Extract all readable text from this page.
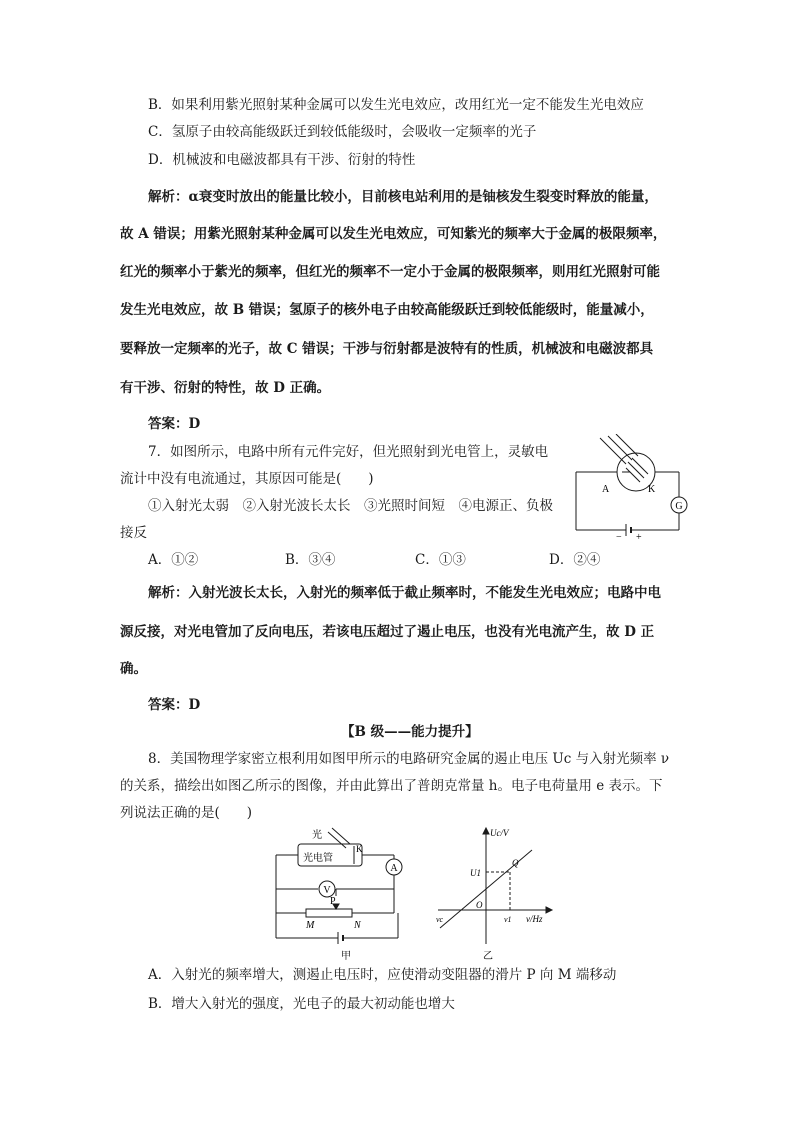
B．如果利用紫光照射某种金属可以发生光电效应，改用红光一定不能发生光电效应
C．氢原子由较高能级跃迁到较低能级时，会吸收一定频率的光子
D．机械波和电磁波都具有干涉、衍射的特性
解析：α衰变时放出的能量比较小，目前核电站利用的是铀核发生裂变时释放的能量，
故 A 错误；用紫光照射某种金属可以发生光电效应，可知紫光的频率大于金属的极限频率，
红光的频率小于紫光的频率，但红光的频率不一定小于金属的极限频率，则用红光照射可能
发生光电效应，故 B 错误；氢原子的核外电子由较高能级跃迁到较低能级时，能量减小，
要释放一定频率的光子，故 C 错误；干涉与衍射都是波特有的性质，机械波和电磁波都具
有干涉、衍射的特性，故 D 正确。
答案：D
7．如图所示，电路中所有元件完好，但光照射到光电管上，灵敏电
流计中没有电流通过，其原因可能是(　　)
①入射光太弱　②入射光波长太长　③光照时间短　④电源正、负极
接反
A．①②	B．③④	C．①③	D．②④
A	K
G
− +
解析：入射光波长太长，入射光的频率低于截止频率时，不能发生光电效应；电路中电
源反接，对光电管加了反向电压，若该电压超过了遏止电压，也没有光电流产生，故 D 正
确。
答案：D
【B 级——能力提升】
8．美国物理学家密立根利用如图甲所示的电路研究金属的遏止电压 Uc 与入射光频率 ν
的关系，描绘出如图乙所示的图像，并由此算出了普朗克常量 h。电子电荷量用 e 表示。下
列说法正确的是(　　)
光
光电管
K
A
V
P
M	N
甲
Uc/V
ν/Hz
Q
U1
O
νc	ν1
乙
A．入射光的频率增大，测遏止电压时，应使滑动变阻器的滑片 P 向 M 端移动
B．增大入射光的强度，光电子的最大初动能也增大
